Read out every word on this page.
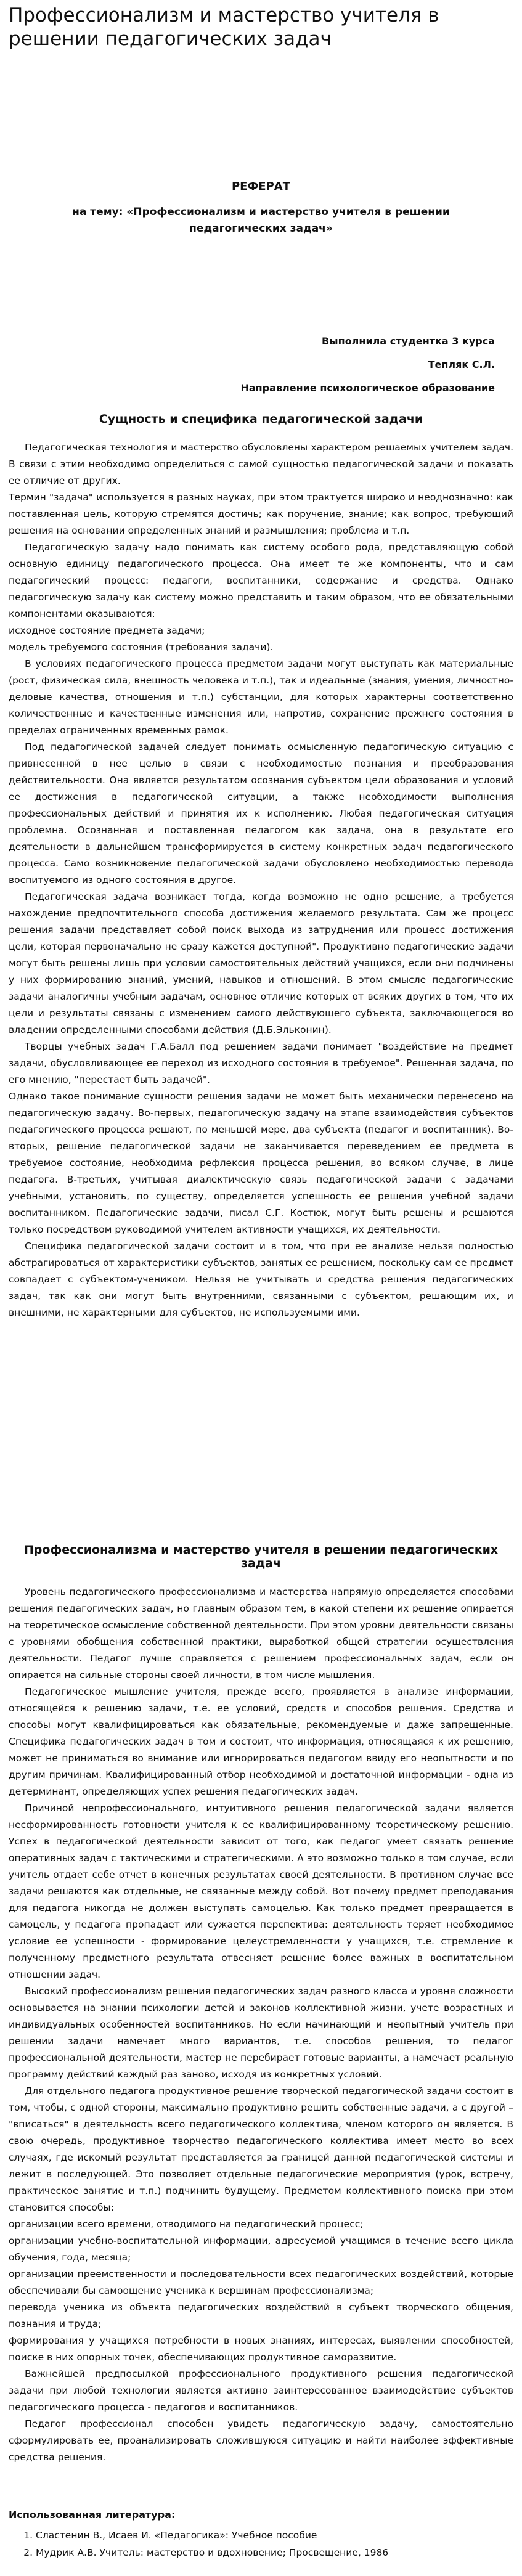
Профессионализм и мастерство учителя в решении педагогических задач
РЕФЕРАТ
на тему: «Профессионализм и мастерство учителя в решении педагогических задач»
Выполнила студентка 3 курса
Тепляк С.Л.
Направление психологическое образование
Сущность и специфика педагогической задачи

Педагогическая технология и мастерство обусловлены характером решаемых учителем задач. В связи с этим необходимо определиться с самой сущностью педагогической задачи и показать ее отличие от других.

Термин "задача" используется в разных науках, при этом трактуется широко и неоднозначно: как поставленная цель, которую стремятся достичь; как поручение, знание; как вопрос, требующий решения на основании определенных знаний и размышления; проблема и т.п.

Педагогическую задачу надо понимать как систему особого рода, представляющую собой основную единицу педагогического процесса. Она имеет те же компоненты, что и сам педагогический процесс: педагоги, воспитанники, содержание и средства. Однако педагогическую задачу как систему можно представить и таким образом, что ее обязательными компонентами оказываются:

исходное состояние предмета задачи;

модель требуемого состояния (требования задачи).

В условиях педагогического процесса предметом задачи могут выступать как материальные (рост, физическая сила, внешность человека и т.п.), так и идеальные (знания, умения, личностно-деловые качества, отношения и т.п.) субстанции, для которых характерны соответственно количественные и качественные изменения или, напротив, сохранение прежнего состояния в пределах ограниченных временных рамок.

Под педагогической задачей следует понимать осмысленную педагогическую ситуацию с привнесенной в нее целью в связи с необходимостью познания и преобразования действительности. Она является результатом осознания субъектом цели образования и условий ее достижения в педагогической ситуации, а также необходимости выполнения профессиональных действий и принятия их к исполнению. Любая педагогическая ситуация проблемна. Осознанная и поставленная педагогом как задача, она в результате его деятельности в дальнейшем трансформируется в систему конкретных задач педагогического процесса. Само возникновение педагогической задачи обусловлено необходимостью перевода воспитуемого из одного состояния в другое.

Педагогическая задача возникает тогда, когда возможно не одно решение, а требуется нахождение предпочтительного способа достижения желаемого результата. Сам же процесс решения задачи представляет собой поиск выхода из затруднения или процесс достижения цели, которая первоначально не сразу кажется доступной". Продуктивно педагогические задачи могут быть решены лишь при условии самостоятельных действий учащихся, если они подчинены у них формированию знаний, умений, навыков и отношений. В этом смысле педагогические задачи аналогичны учебным задачам, основное отличие которых от всяких других в том, что их цели и результаты связаны с изменением самого действующего субъекта, заключающегося во владении определенными способами действия (Д.Б.Эльконин).

Творцы учебных задач Г.А.Балл под решением задачи понимает "воздействие на предмет задачи, обусловливающее ее переход из исходного состояния в требуемое". Решенная задача, по его мнению, "перестает быть задачей".

Однако такое понимание сущности решения задачи не может быть механически перенесено на педагогическую задачу. Во-первых, педагогическую задачу на этапе взаимодействия субъектов педагогического процесса решают, по меньшей мере, два субъекта (педагог и воспитанник). Во-вторых, решение педагогической задачи не заканчивается переведением ее предмета в требуемое состояние, необходима рефлексия процесса решения, во всяком случае, в лице педагога. В-третьих, учитывая диалектическую связь педагогической задачи с задачами учебными, установить, по существу, определяется успешность ее решения учебной задачи воспитанником. Педагогические задачи, писал С.Г. Костюк, могут быть решены и решаются только посредством руководимой учителем активности учащихся, их деятельности.

Специфика педагогической задачи состоит и в том, что при ее анализе нельзя полностью абстрагироваться от характеристики субъектов, занятых ее решением, поскольку сам ее предмет совпадает с субъектом-учеником. Нельзя не учитывать и средства решения педагогических задач, так как они могут быть внутренними, связанными с субъектом, решающим их, и внешними, не характерными для субъектов, не используемыми ими.

Профессионализма и мастерство учителя в решении педагогических задач

Уровень педагогического профессионализма и мастерства напрямую определяется способами решения педагогических задач, но главным образом тем, в какой степени их решение опирается на теоретическое осмысление собственной деятельности. При этом уровни деятельности связаны с уровнями обобщения собственной практики, выработкой общей стратегии осуществления деятельности. Педагог лучше справляется с решением профессиональных задач, если он опирается на сильные стороны своей личности, в том числе мышления.

Педагогическое мышление учителя, прежде всего, проявляется в анализе информации, относящейся к решению задачи, т.е. ее условий, средств и способов решения. Средства и способы могут квалифицироваться как обязательные, рекомендуемые и даже запрещенные. Специфика педагогических задач в том и состоит, что информация, относящаяся к их решению, может не приниматься во внимание или игнорироваться педагогом ввиду его неопытности и по другим причинам. Квалифицированный отбор необходимой и достаточной информации - одна из детерминант, определяющих успех решения педагогических задач.

Причиной непрофессионального, интуитивного решения педагогической задачи является несформированность готовности учителя к ее квалифицированному теоретическому решению. Успех в педагогической деятельности зависит от того, как педагог умеет связать решение оперативных задач с тактическими и стратегическими. А это возможно только в том случае, если учитель отдает себе отчет в конечных результатах своей деятельности. В противном случае все задачи решаются как отдельные, не связанные между собой. Вот почему предмет преподавания для педагога никогда не должен выступать самоцелью. Как только предмет превращается в самоцель, у педагога пропадает или сужается перспектива: деятельность теряет необходимое условие ее успешности - формирование целеустремленности у учащихся, т.е. стремление к полученному предметного результата отвесняет решение более важных в воспитательном отношении задач.

Высокий профессионализм решения педагогических задач разного класса и уровня сложности основывается на знании психологии детей и законов коллективной жизни, учете возрастных и индивидуальных особенностей воспитанников. Но если начинающий и неопытный учитель при решении задачи намечает много вариантов, т.е. способов решения, то педагог профессиональной деятельности, мастер не перебирает готовые варианты, а намечает реальную программу действий каждый раз заново, исходя из конкретных условий.

Для отдельного педагога продуктивное решение творческой педагогической задачи состоит в том, чтобы, с одной стороны, максимально продуктивно решить собственные задачи, а с другой – "вписаться" в деятельность всего педагогического коллектива, членом которого он является. В свою очередь, продуктивное творчество педагогического коллектива имеет место во всех случаях, где искомый результат представляется за границей данной педагогической системы и лежит в последующей. Это позволяет отдельные педагогические мероприятия (урок, встречу, практическое занятие и т.п.) подчинить будущему. Предметом коллективного поиска при этом становится способы:

организации всего времени, отводимого на педагогический процесс;

организации учебно-воспитательной информации, адресуемой учащимся в течение всего цикла обучения, года, месяца;

организации преемственности и последовательности всех педагогических воздействий, которые обеспечивали бы самоощение ученика к вершинам профессионализма;

перевода ученика из объекта педагогических воздействий в субъект творческого общения, познания и труда;

формирования у учащихся потребности в новых знаниях, интересах, выявлении способностей, поиске в них опорных точек, обеспечивающих продуктивное саморазвитие.

Важнейшей предпосылкой профессионального продуктивного решения педагогической задачи при любой технологии является активно заинтересованное взаимодействие субъектов педагогического процесса - педагогов и воспитанников.

Педагог профессионал способен увидеть педагогическую задачу, самостоятельно сформулировать ее, проанализировать сложившуюся ситуацию и найти наиболее эффективные средства решения.

Использованная литература:
1. Сластенин В., Исаев И. «Педагогика»: Учебное пособие
2. Мудрик А.В. Учитель: мастерство и вдохновение; Просвещение, 1986
